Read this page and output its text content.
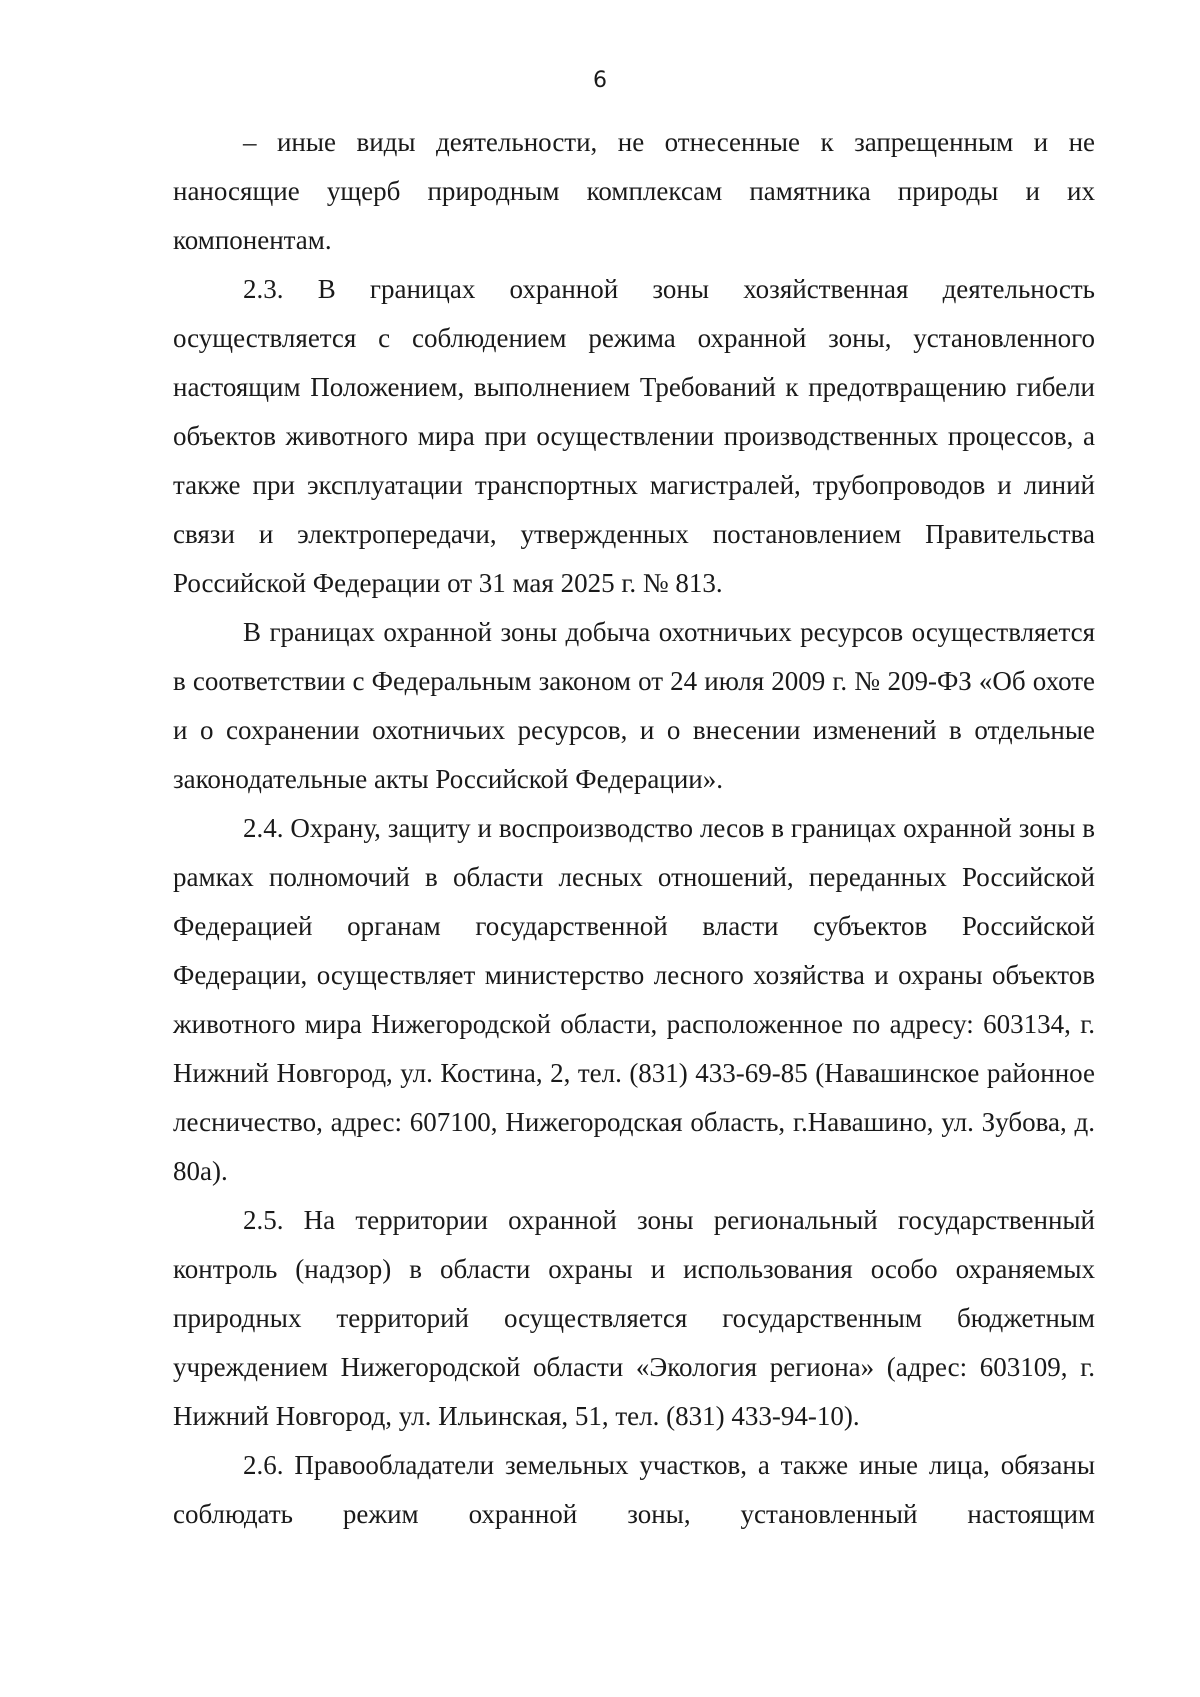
6

– иные виды деятельности, не отнесенные к запрещенным и не наносящие ущерб природным комплексам памятника природы и их компонентам.

2.3. В границах охранной зоны хозяйственная деятельность осуществляется с соблюдением режима охранной зоны, установленного настоящим Положением, выполнением Требований к предотвращению гибели объектов животного мира при осуществлении производственных процессов, а также при эксплуатации транспортных магистралей, трубопроводов и линий связи и электропередачи, утвержденных постановлением Правительства Российской Федерации от 31 мая 2025 г. № 813.

В границах охранной зоны добыча охотничьих ресурсов осуществляется в соответствии с Федеральным законом от 24 июля 2009 г. № 209-ФЗ «Об охоте и о сохранении охотничьих ресурсов, и о внесении изменений в отдельные законодательные акты Российской Федерации».

2.4. Охрану, защиту и воспроизводство лесов в границах охранной зоны в рамках полномочий в области лесных отношений, переданных Российской Федерацией органам государственной власти субъектов Российской Федерации, осуществляет министерство лесного хозяйства и охраны объектов животного мира Нижегородской области, расположенное по адресу: 603134, г. Нижний Новгород, ул. Костина, 2, тел. (831) 433-69-85 (Навашинское районное лесничество, адрес: 607100, Нижегородская область, г.Навашино, ул. Зубова, д. 80а).

2.5. На территории охранной зоны региональный государственный контроль (надзор) в области охраны и использования особо охраняемых природных территорий осуществляется государственным бюджетным учреждением Нижегородской области «Экология региона» (адрес: 603109, г. Нижний Новгород, ул. Ильинская, 51, тел. (831) 433-94-10).

2.6. Правообладатели земельных участков, а также иные лица, обязаны соблюдать режим охранной зоны, установленный настоящим
